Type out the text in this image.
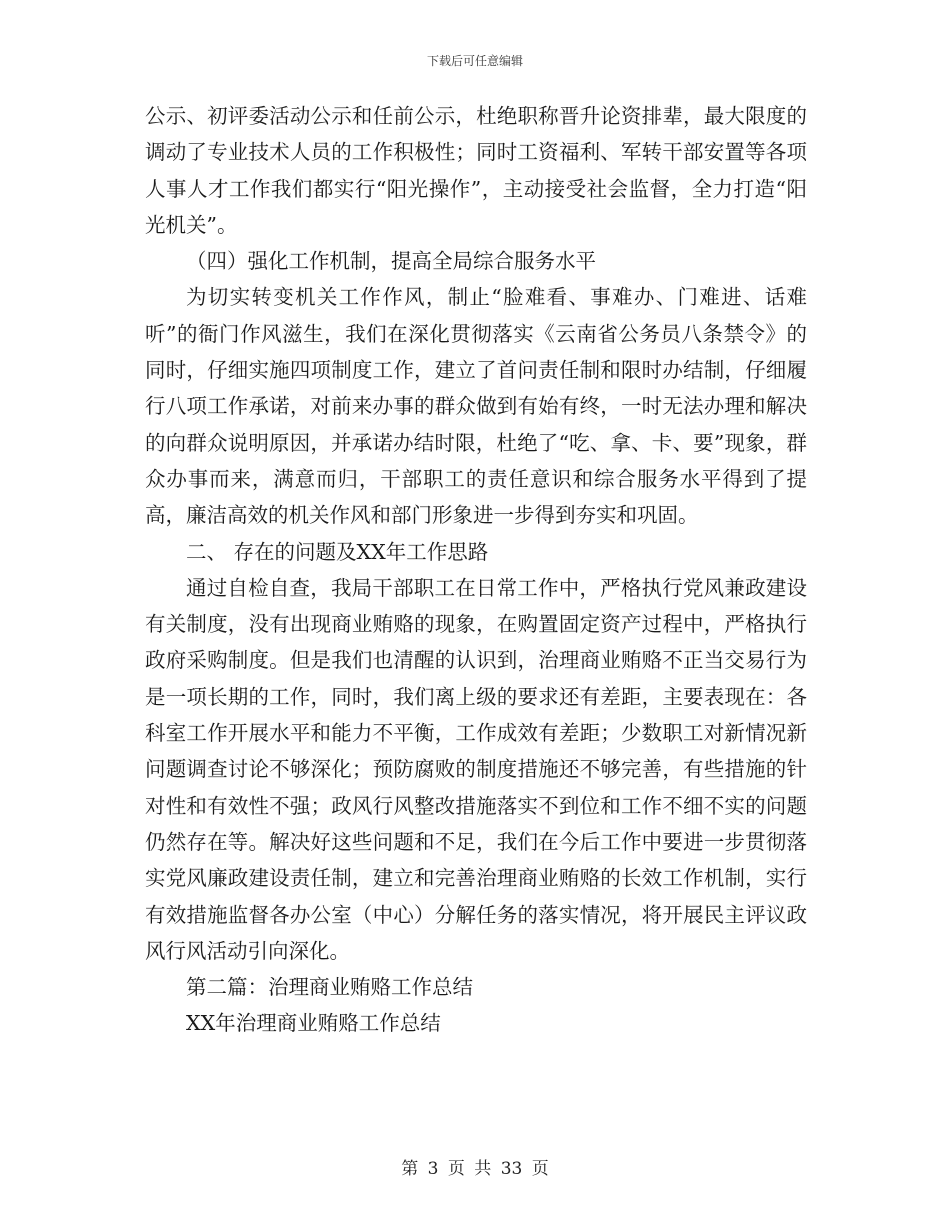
下载后可任意编辑

公示、初评委活动公示和任前公示，杜绝职称晋升论资排辈，最大限度的调动了专业技术人员的工作积极性；同时工资福利、军转干部安置等各项人事人才工作我们都实行“阳光操作”，主动接受社会监督，全力打造“阳光机关”。

（四）强化工作机制，提高全局综合服务水平

为切实转变机关工作作风，制止“脸难看、事难办、门难进、话难听”的衙门作风滋生，我们在深化贯彻落实《云南省公务员八条禁令》的同时，仔细实施四项制度工作，建立了首问责任制和限时办结制，仔细履行八项工作承诺，对前来办事的群众做到有始有终，一时无法办理和解决的向群众说明原因，并承诺办结时限，杜绝了“吃、拿、卡、要”现象，群众办事而来，满意而归，干部职工的责任意识和综合服务水平得到了提高，廉洁高效的机关作风和部门形象进一步得到夯实和巩固。

二、 存在的问题及XX年工作思路

通过自检自查，我局干部职工在日常工作中，严格执行党风兼政建设有关制度，没有出现商业贿赂的现象，在购置固定资产过程中，严格执行政府采购制度。但是我们也清醒的认识到，治理商业贿赂不正当交易行为是一项长期的工作，同时，我们离上级的要求还有差距，主要表现在：各科室工作开展水平和能力不平衡，工作成效有差距；少数职工对新情况新问题调查讨论不够深化；预防腐败的制度措施还不够完善，有些措施的针对性和有效性不强；政风行风整改措施落实不到位和工作不细不实的问题仍然存在等。解决好这些问题和不足，我们在今后工作中要进一步贯彻落实党风廉政建设责任制，建立和完善治理商业贿赂的长效工作机制，实行有效措施监督各办公室（中心）分解任务的落实情况，将开展民主评议政风行风活动引向深化。

第二篇：治理商业贿赂工作总结

XX年治理商业贿赂工作总结

第 3 页 共 33 页
